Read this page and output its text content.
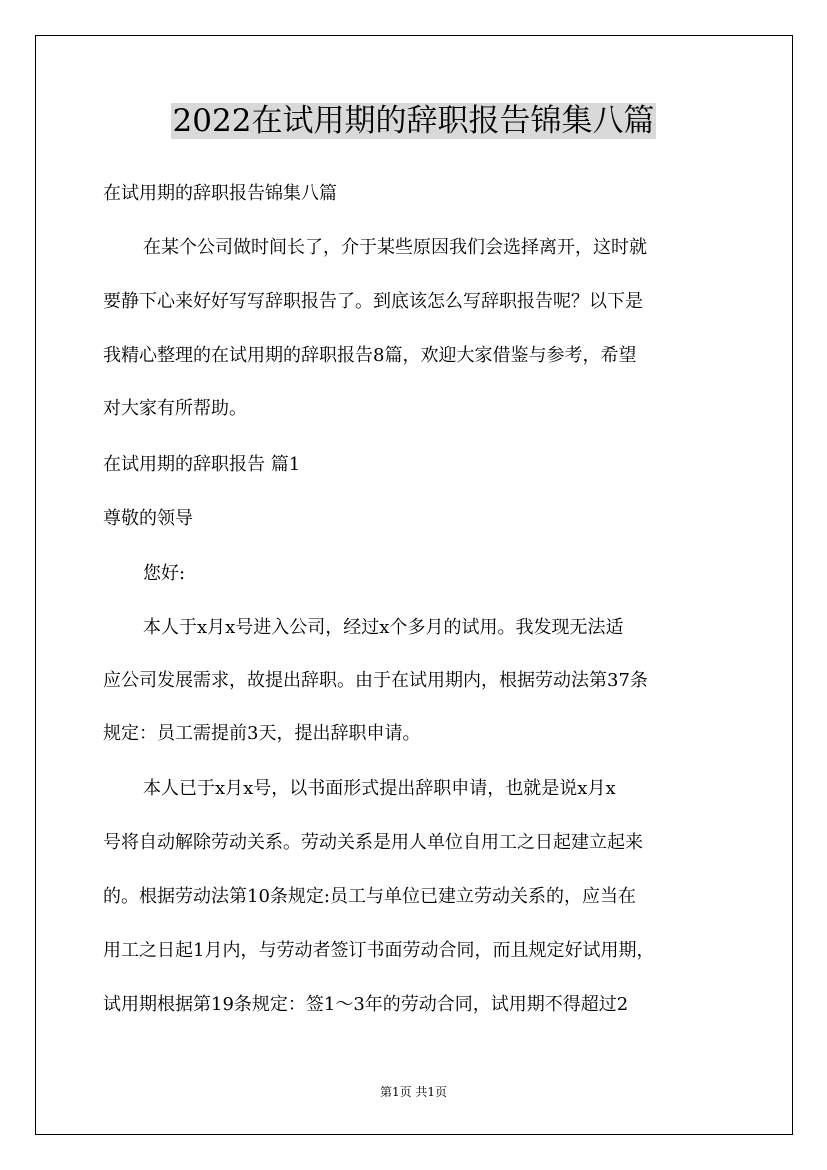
2022在试用期的辞职报告锦集八篇
在试用期的辞职报告锦集八篇
在某个公司做时间长了，介于某些原因我们会选择离开，这时就
要静下心来好好写写辞职报告了。到底该怎么写辞职报告呢？以下是
我精心整理的在试用期的辞职报告8篇，欢迎大家借鉴与参考，希望
对大家有所帮助。
在试用期的辞职报告 篇1
尊敬的领导
您好:
本人于x月x号进入公司，经过x个多月的试用。我发现无法适
应公司发展需求，故提出辞职。由于在试用期内，根据劳动法第37条
规定：员工需提前3天，提出辞职申请。
本人已于x月x号，以书面形式提出辞职申请，也就是说x月x
号将自动解除劳动关系。劳动关系是用人单位自用工之日起建立起来
的。根据劳动法第10条规定:员工与单位已建立劳动关系的，应当在
用工之日起1月内，与劳动者签订书面劳动合同，而且规定好试用期，
试用期根据第19条规定：签1～3年的劳动合同，试用期不得超过2
第1页 共1页
